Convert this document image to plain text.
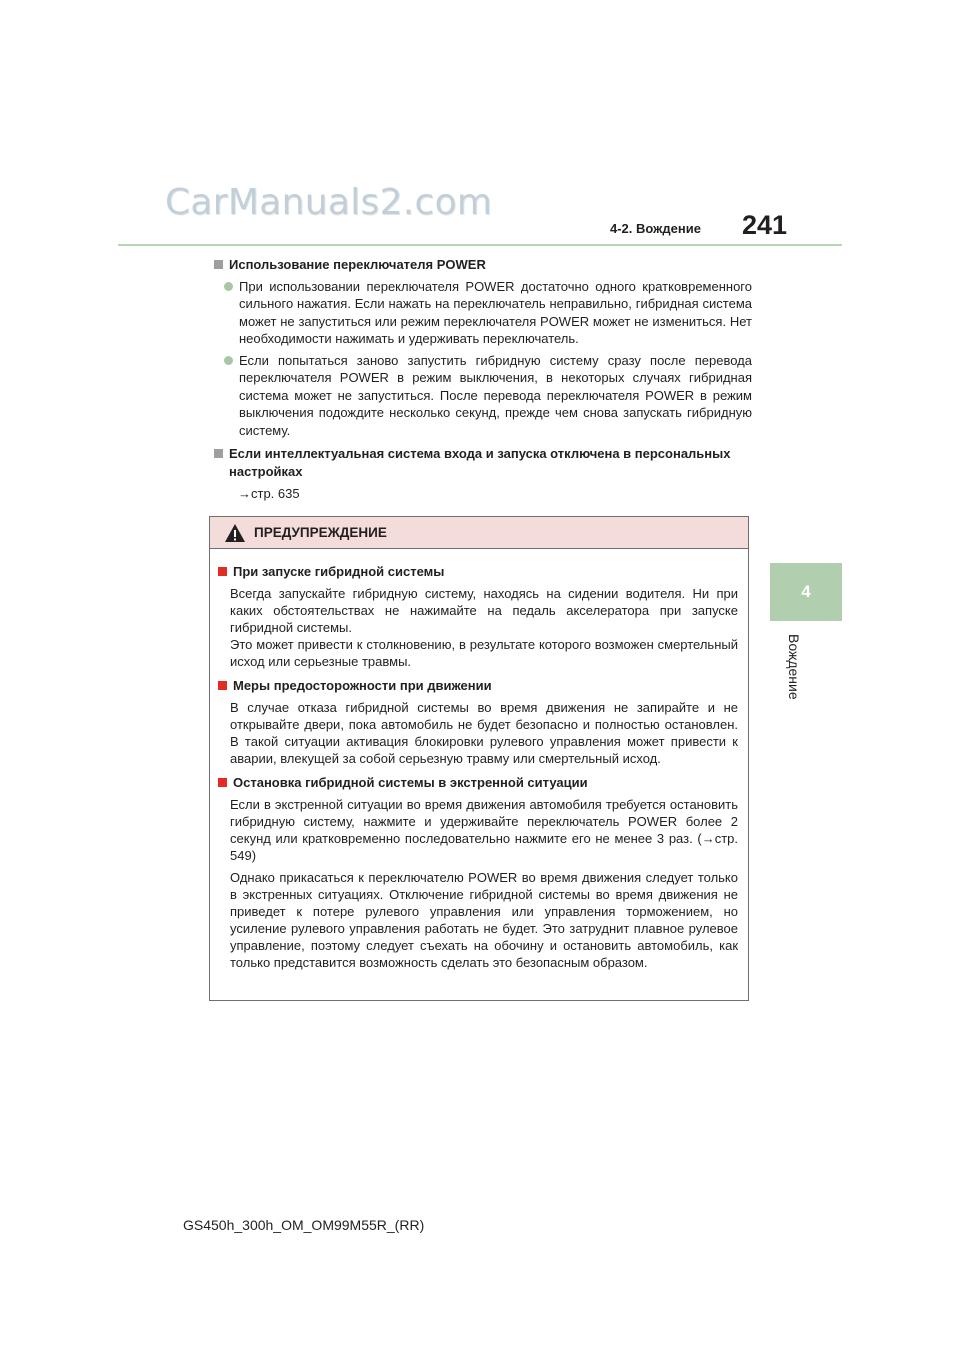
CarManuals2.com
4-2. Вождение 241
4
Вождение
Использование переключателя POWER

При использовании переключателя POWER достаточно одного кратковременного сильного нажатия. Если нажать на переключатель неправильно, гибридная система может не запуститься или режим переключателя POWER может не измениться. Нет необходимости нажимать и удерживать переключатель.

Если попытаться заново запустить гибридную систему сразу после перевода переключателя POWER в режим выключения, в некоторых случаях гибридная система может не запуститься. После перевода переключателя POWER в режим выключения подождите несколько секунд, прежде чем снова запускать гибридную систему.

Если интеллектуальная система входа и запуска отключена в персональных настройках
→стр. 635
ПРЕДУПРЕЖДЕНИЕ
При запуске гибридной системы

Всегда запускайте гибридную систему, находясь на сидении водителя. Ни при каких обстоятельствах не нажимайте на педаль акселератора при запуске гибридной системы.
Это может привести к столкновению, в результате которого возможен смертельный исход или серьезные травмы.

Меры предосторожности при движении

В случае отказа гибридной системы во время движения не запирайте и не открывайте двери, пока автомобиль не будет безопасно и полностью остановлен. В такой ситуации активация блокировки рулевого управления может привести к аварии, влекущей за собой серьезную травму или смертельный исход.

Остановка гибридной системы в экстренной ситуации

Если в экстренной ситуации во время движения автомобиля требуется остановить гибридную систему, нажмите и удерживайте переключатель POWER более 2 секунд или кратковременно последовательно нажмите его не менее 3 раз. (→стр. 549)

Однако прикасаться к переключателю POWER во время движения следует только в экстренных ситуациях. Отключение гибридной системы во время движения не приведет к потере рулевого управления или управления торможением, но усиление рулевого управления работать не будет. Это затруднит плавное рулевое управление, поэтому следует съехать на обочину и остановить автомобиль, как только представится возможность сделать это безопасным образом.

GS450h_300h_OM_OM99M55R_(RR)
